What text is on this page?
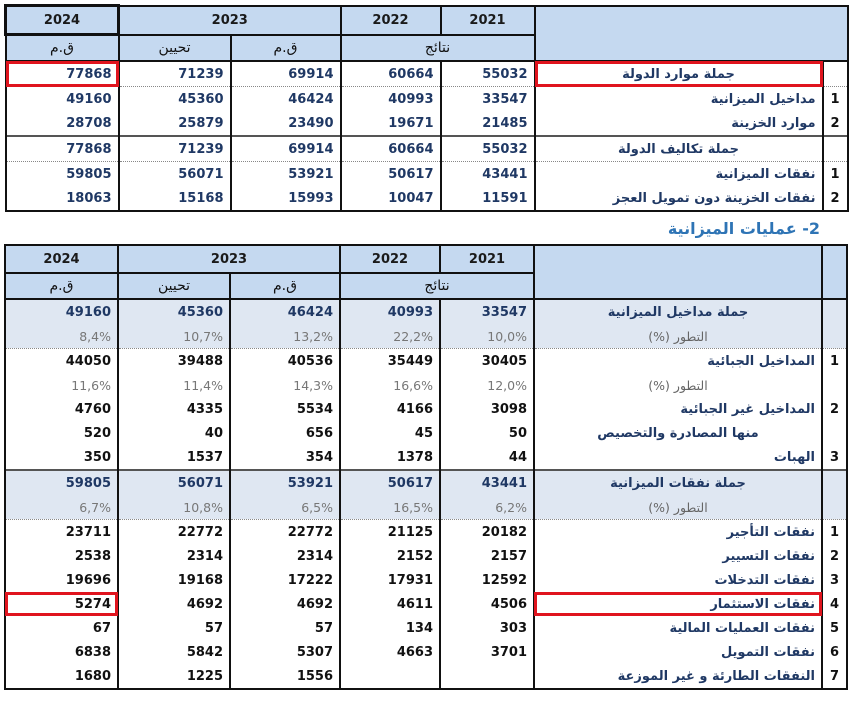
2024	2023		2022	2021		
ق.م	تحيين	ق.م	نتائج			
77868	71239	69914	60664	55032	جملة موارد الدولة	
49160	45360	46424	40993	33547	مداخيل الميزانية	1
28708	25879	23490	19671	21485	موارد الخزينة	2
77868	71239	69914	60664	55032	جملة تكاليف الدولة	
59805	56071	53921	50617	43441	نفقات الميزانية	1
18063	15168	15993	10047	11591	نفقات الخزينة دون تمويل العجز	2
2- عمليات الميزانية
2024	2023		2022	2021		
ق.م	تحيين	ق.م	نتائج			
49160	45360	46424	40993	33547	جملة مداخيل الميزانية	
8,4%	10,7%	13,2%	22,2%	10,0%	التطور (%)	
44050	39488	40536	35449	30405	المداخيل الجبائية	1
11,6%	11,4%	14,3%	16,6%	12,0%	التطور (%)	
4760	4335	5534	4166	3098	المداخيل غير الجبائية	2
520	40	656	45	50	منها المصادرة والتخصيص	
350	1537	354	1378	44	الهبات	3
59805	56071	53921	50617	43441	جملة نفقات الميزانية	
6,7%	10,8%	6,5%	16,5%	6,2%	التطور (%)	
23711	22772	22772	21125	20182	نفقات التأجير	1
2538	2314	2314	2152	2157	نفقات التسيير	2
19696	19168	17222	17931	12592	نفقات التدخلات	3
5274	4692	4692	4611	4506	نفقات الاستثمار	4
67	57	57	134	303	نفقات العمليات المالية	5
6838	5842	5307	4663	3701	نفقات التمويل	6
1680	1225	1556			النفقات الطارئة و غير الموزعة	7
